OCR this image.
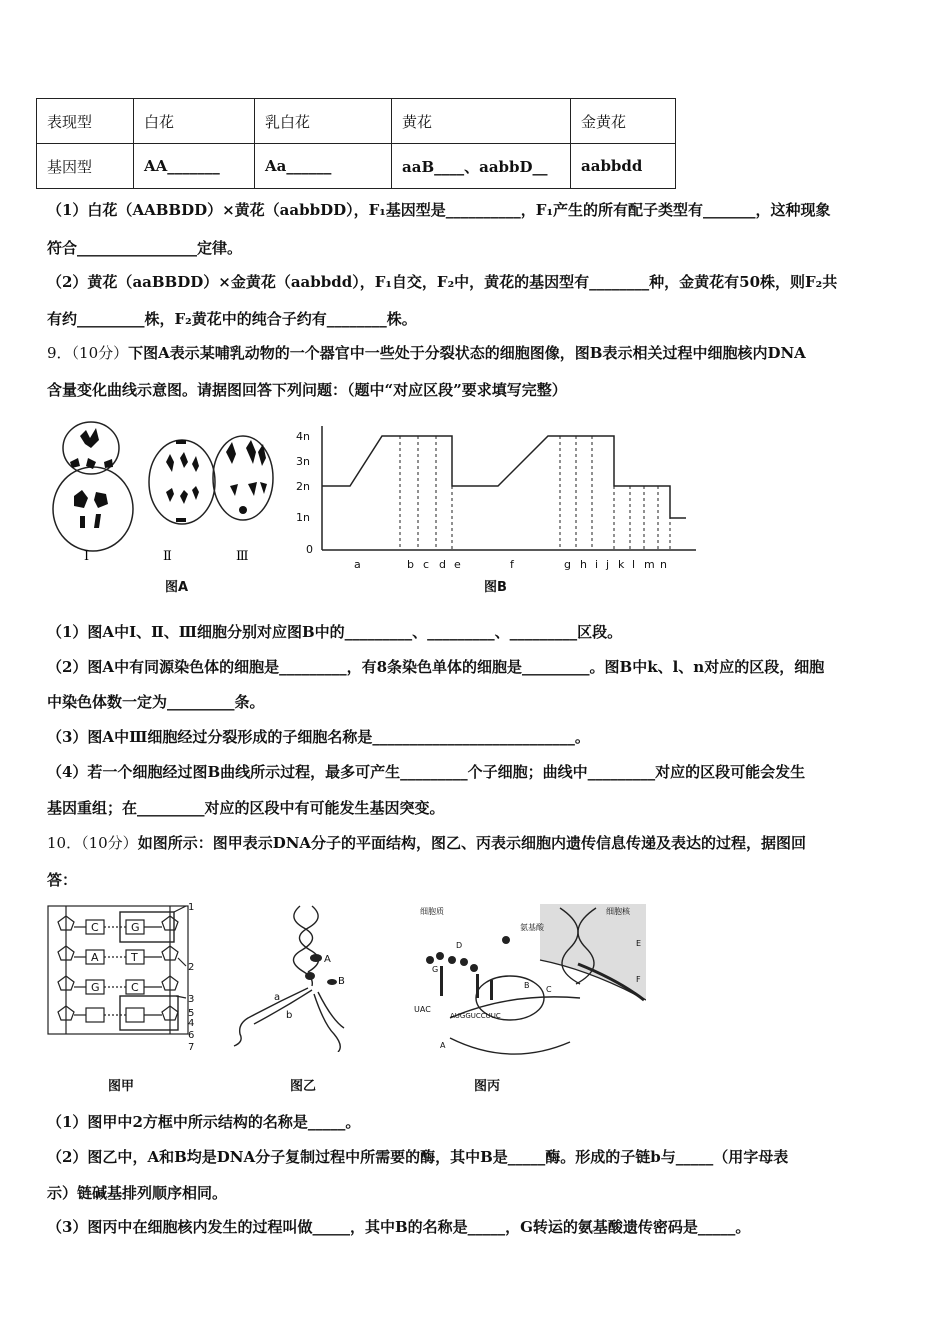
表现型	白花	乳白花	黄花	金黄花
基因型	AA_______	Aa______	aaB____、aabbD__	aabbdd
（1）白花（AABBDD）×黄花（aabbDD），F₁基因型是__________，F₁产生的所有配子类型有_______，这种现象
符合________________定律。
（2）黄花（aaBBDD）×金黄花（aabbdd），F₁自交，F₂中，黄花的基因型有________种，金黄花有50株，则F₂共
有约_________株，F₂黄花中的纯合子约有________株。
9．（10分）下图A表示某哺乳动物的一个器官中一些处于分裂状态的细胞图像，图B表示相关过程中细胞核内DNA
含量变化曲线示意图。请据图回答下列问题：（题中“对应区段”要求填写完整）
Ⅰ	Ⅱ	Ⅲ
图A
4n
3n
2n
1n
0
a	b c d e	f	g h i j k l m n
图B
（1）图A中Ⅰ、Ⅱ、Ⅲ细胞分别对应图B中的_________、_________、_________区段。
（2）图A中有同源染色体的细胞是_________，有8条染色单体的细胞是_________。图B中k、l、n对应的区段，细胞
中染色体数一定为_________条。
（3）图A中Ⅲ细胞经过分裂形成的子细胞名称是___________________________。
（4）若一个细胞经过图B曲线所示过程，最多可产生_________个子细胞；曲线中_________对应的区段可能会发生
基因重组；在_________对应的区段中有可能发生基因突变。
10．（10分）如图所示：图甲表示DNA分子的平面结构，图乙、丙表示细胞内遗传信息传递及表达的过程，据图回
答：
C	G
A	T
G	C
1
2
3
4
5
6
7
图甲
A
B
a
b
图乙
细胞质
氨基酸
细胞核
D
C
B
A
E
F
G
UAC
AUGGUCCUUC
图丙
（1）图甲中2方框中所示结构的名称是_____。
（2）图乙中，A和B均是DNA分子复制过程中所需要的酶，其中B是_____酶。形成的子链b与_____（用字母表
示）链碱基排列顺序相同。
（3）图丙中在细胞核内发生的过程叫做_____，其中B的名称是_____，G转运的氨基酸遗传密码是_____。
